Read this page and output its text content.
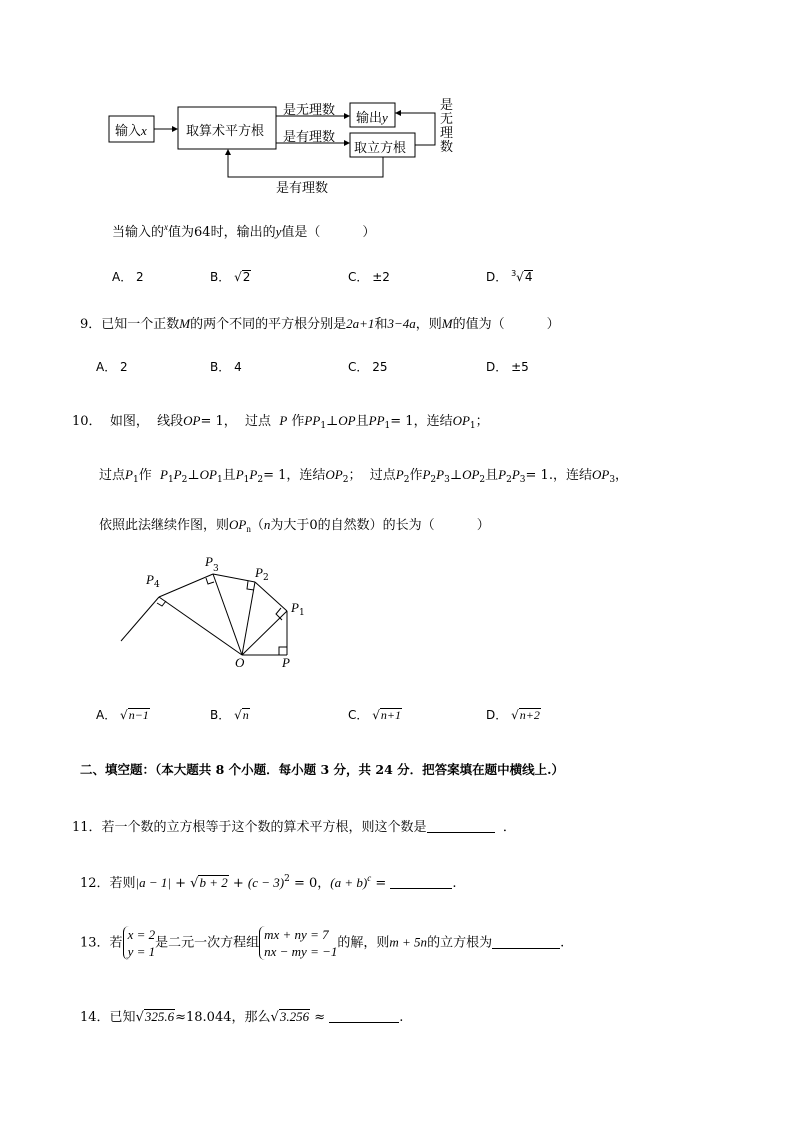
输入x	取算术平方根
是无理数
是有理数
输出y
取立方根
是
无
理
数
是有理数
当输入的$^x$值为64时，输出的y值是（	）
A． 2	B． √2	C． ±2	D． $^3$√4
9．已知一个正数M的两个不同的平方根分别是2a+1和3−4a，则M的值为（	）
A． 2	B． 4	C． 25	D． ±5
10． 如图， 线段OP= 1， 过点 P 作$PP_1\perp OP$且$PP_1= 1$，连结$OP_1$；
过点$P_1$作 $P_1P_2\perp OP_1$且$P_1P_2= 1$，连结$OP_2$； 过点$P_2$作$P_2P_3\perp OP_2$且$P_2P_3= 1$.，连结$OP_3$，
依照此法继续作图，则$OP_n(n$为大于0的自然数）的长为（	）
$P_4$
$P_3$	$P_2$
$P_1$
O	P
A． √n−1	B． √n	C． √n+1	D． √n+2
二、填空题：（本大题共 8 个小题．每小题 3 分，共 24 分．把答案填在题中横线上.）
11．若一个数的立方根等于这个数的算术平方根，则这个数是	．
12．若则$|a - 1| + √b + 2 + (c - 3)^2 = 0$，$(a + b)^c$ =	.
13．若x = 2
y = 1是二元一次方程组mx + ny = 7
nx − my = −1的解，则m + 5n的立方根为	.
14．已知√325.6≈18.044，那么√3.256 ≈	.
